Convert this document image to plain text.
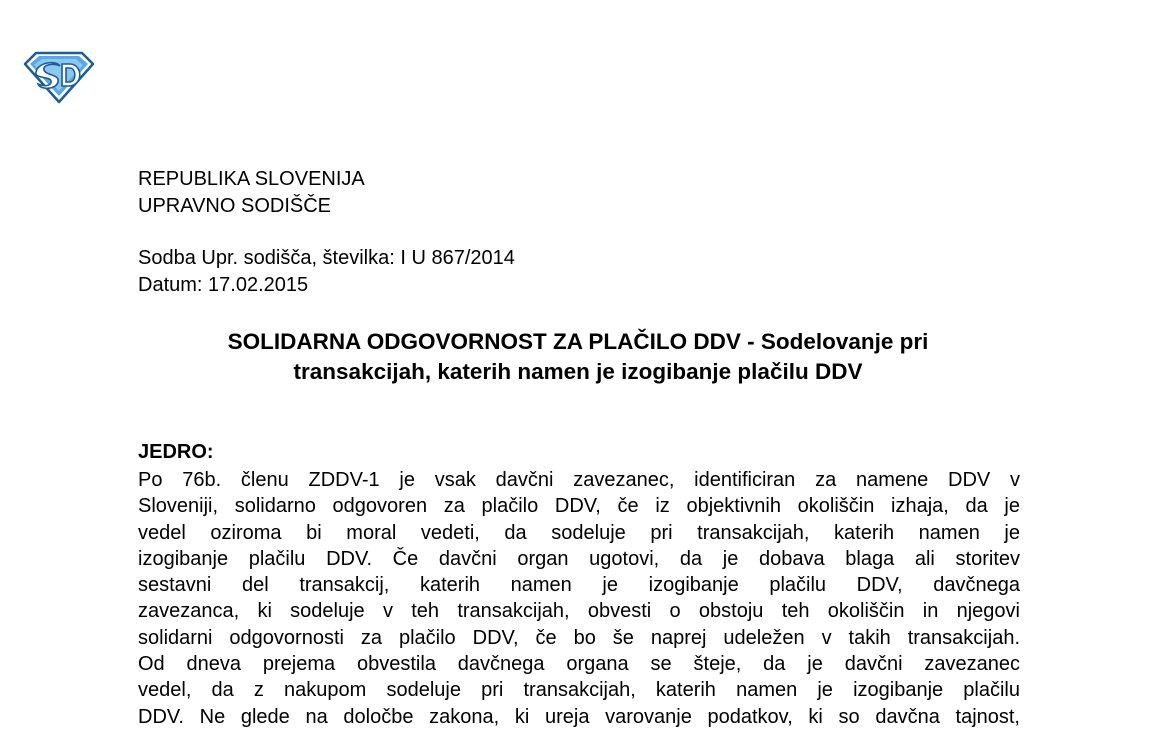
REPUBLIKA SLOVENIJA
UPRAVNO SODIŠČE
Sodba Upr. sodišča, številka: I U 867/2014
Datum: 17.02.2015
SOLIDARNA ODGOVORNOST ZA PLAČILO DDV - Sodelovanje pri
transakcijah, katerih namen je izogibanje plačilu DDV
JEDRO:
Po 76b. členu ZDDV-1 je vsak davčni zavezanec, identificiran za namene DDV v
Sloveniji, solidarno odgovoren za plačilo DDV, če iz objektivnih okoliščin izhaja, da je
vedel oziroma bi moral vedeti, da sodeluje pri transakcijah, katerih namen je
izogibanje plačilu DDV. Če davčni organ ugotovi, da je dobava blaga ali storitev
sestavni del transakcij, katerih namen je izogibanje plačilu DDV, davčnega
zavezanca, ki sodeluje v teh transakcijah, obvesti o obstoju teh okoliščin in njegovi
solidarni odgovornosti za plačilo DDV, če bo še naprej udeležen v takih transakcijah.
Od dneva prejema obvestila davčnega organa se šteje, da je davčni zavezanec
vedel, da z nakupom sodeluje pri transakcijah, katerih namen je izogibanje plačilu
DDV. Ne glede na določbe zakona, ki ureja varovanje podatkov, ki so davčna tajnost,
